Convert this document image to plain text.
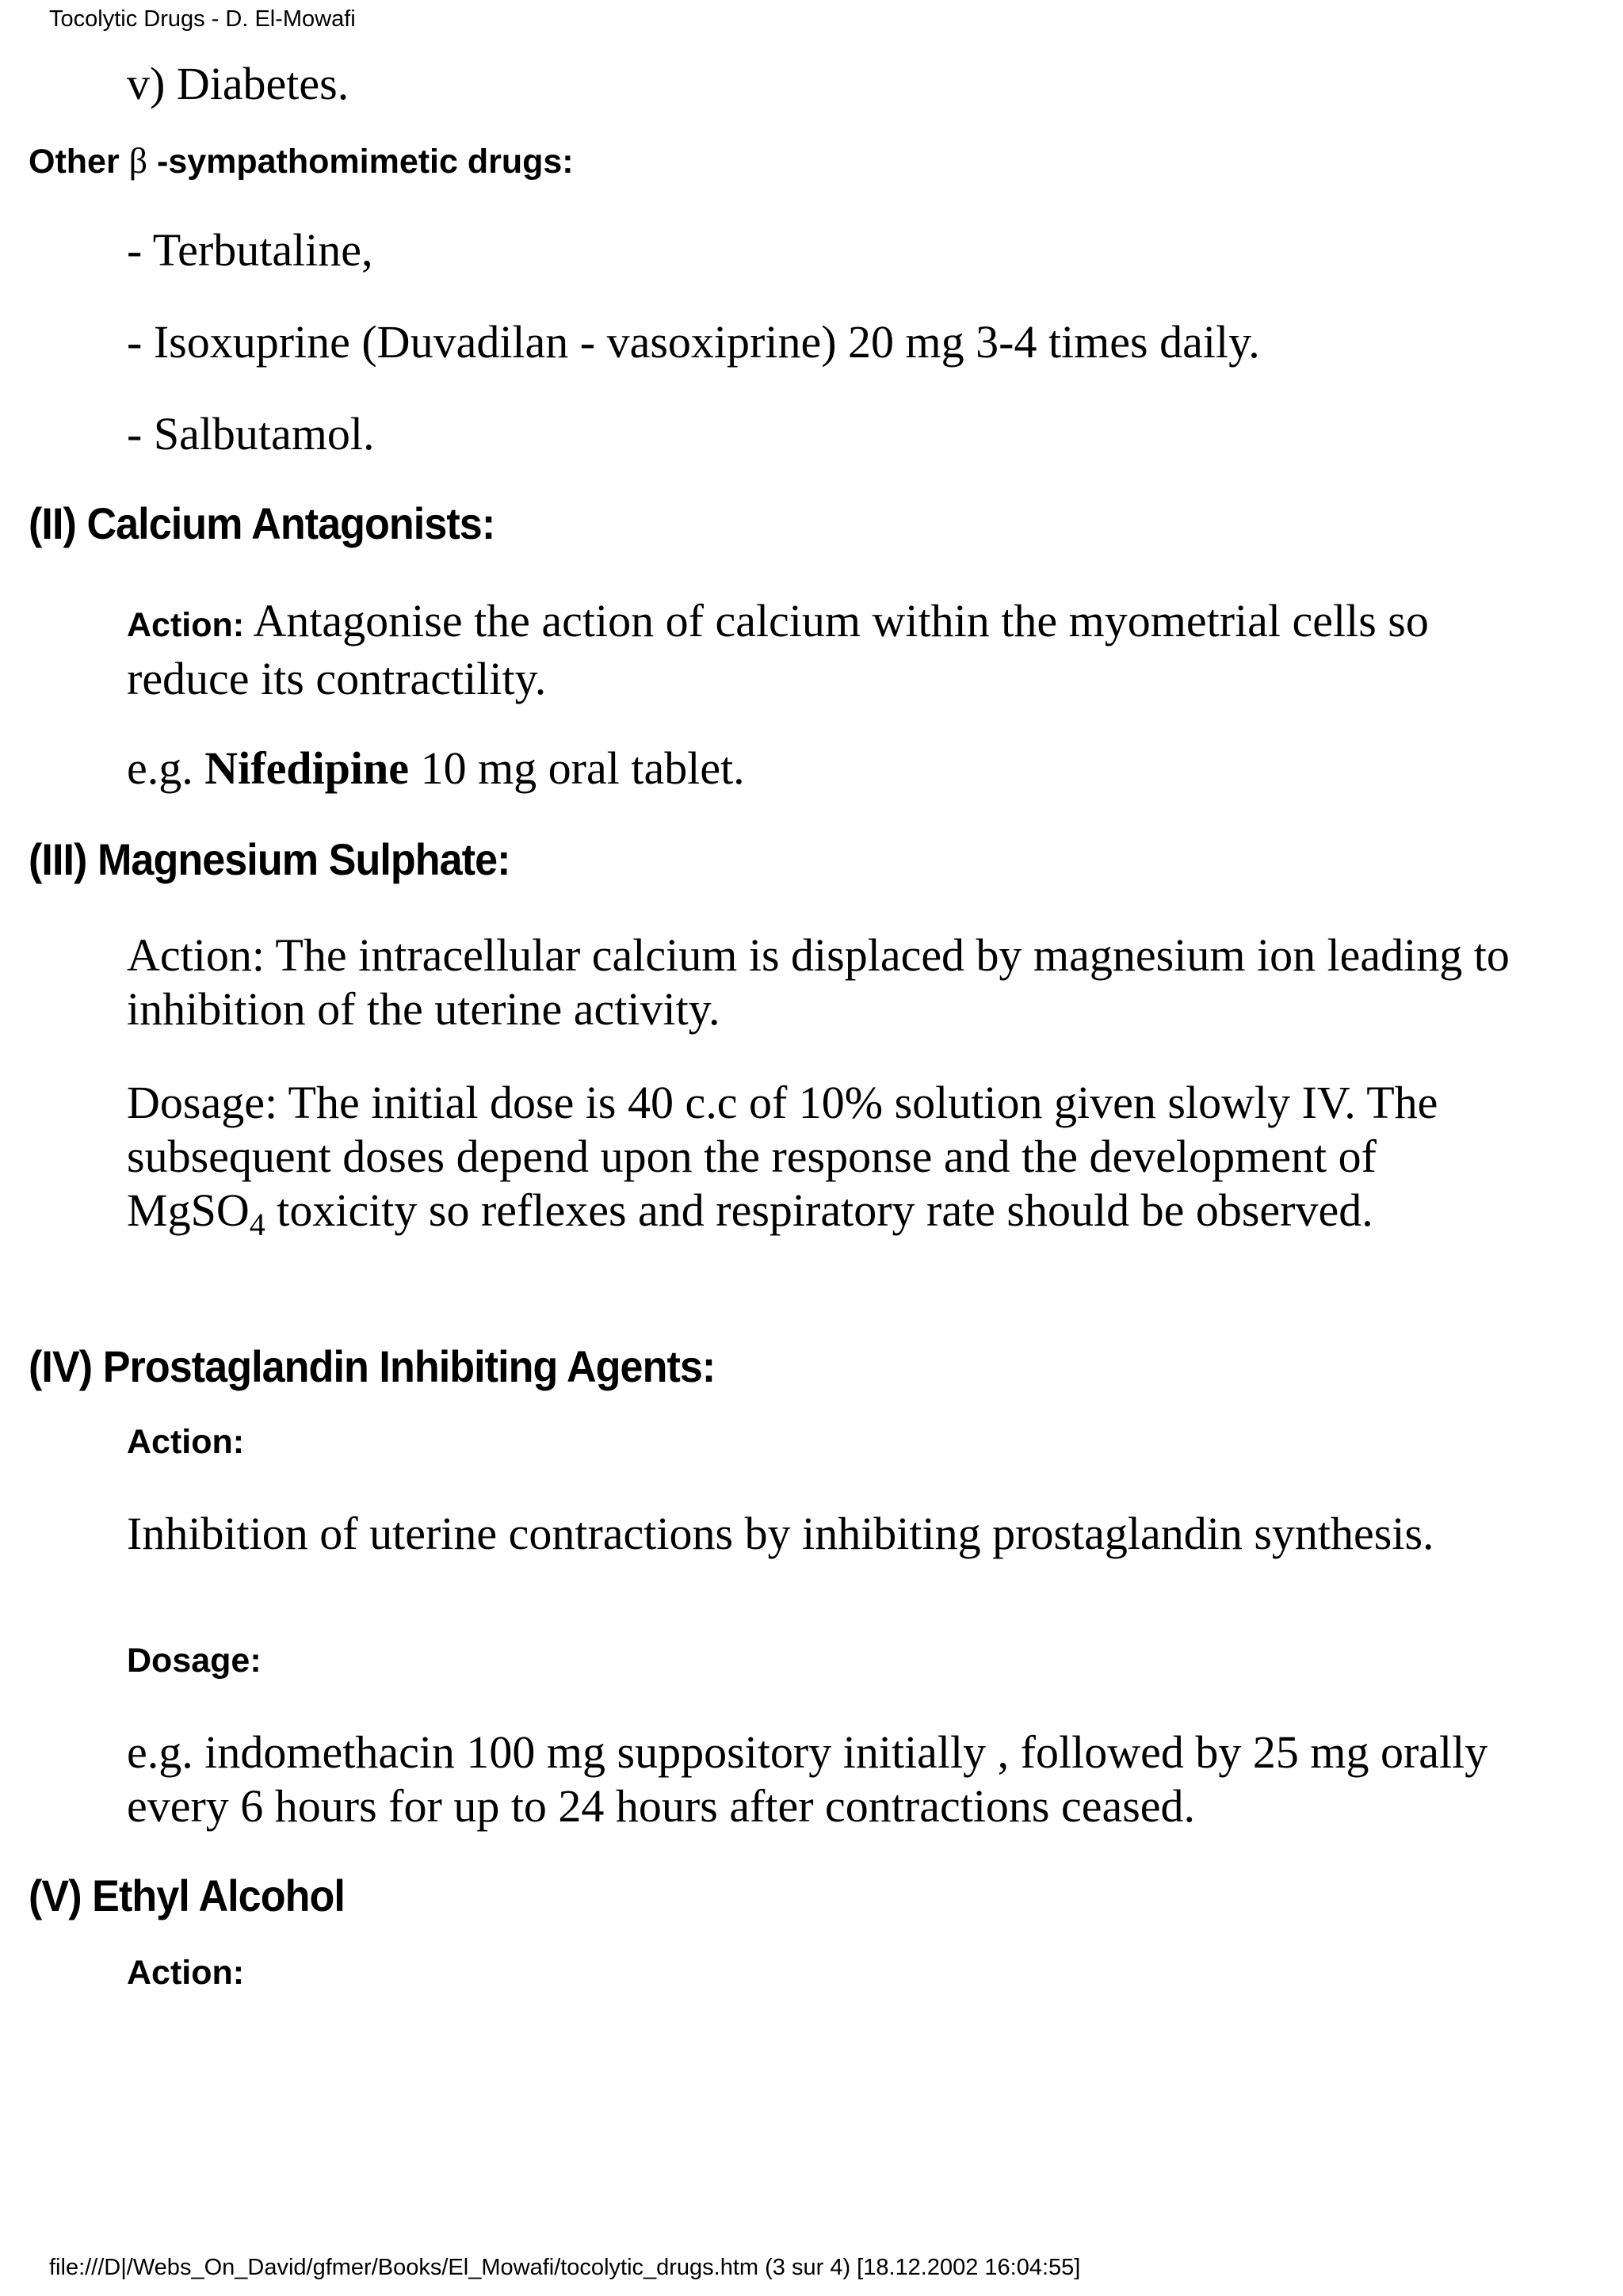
Tocolytic Drugs - D. El-Mowafi
v) Diabetes.
Other β -sympathomimetic drugs:
- Terbutaline,
- Isoxuprine (Duvadilan - vasoxiprine) 20 mg 3-4 times daily.
- Salbutamol.
(II) Calcium Antagonists:
Action: Antagonise the action of calcium within the myometrial cells so reduce its contractility.
e.g. Nifedipine 10 mg oral tablet.
(III) Magnesium Sulphate:
Action: The intracellular calcium is displaced by magnesium ion leading to inhibition of the uterine activity.
Dosage: The initial dose is 40 c.c of 10% solution given slowly IV. The subsequent doses depend upon the response and the development of MgSO$_4$ toxicity so reflexes and respiratory rate should be observed.
(IV) Prostaglandin Inhibiting Agents:
Action:
Inhibition of uterine contractions by inhibiting prostaglandin synthesis.
Dosage:
e.g. indomethacin 100 mg suppository initially , followed by 25 mg orally every 6 hours for up to 24 hours after contractions ceased.
(V) Ethyl Alcohol
Action:
file:///D|/Webs_On_David/gfmer/Books/El_Mowafi/tocolytic_drugs.htm (3 sur 4) [18.12.2002 16:04:55]
